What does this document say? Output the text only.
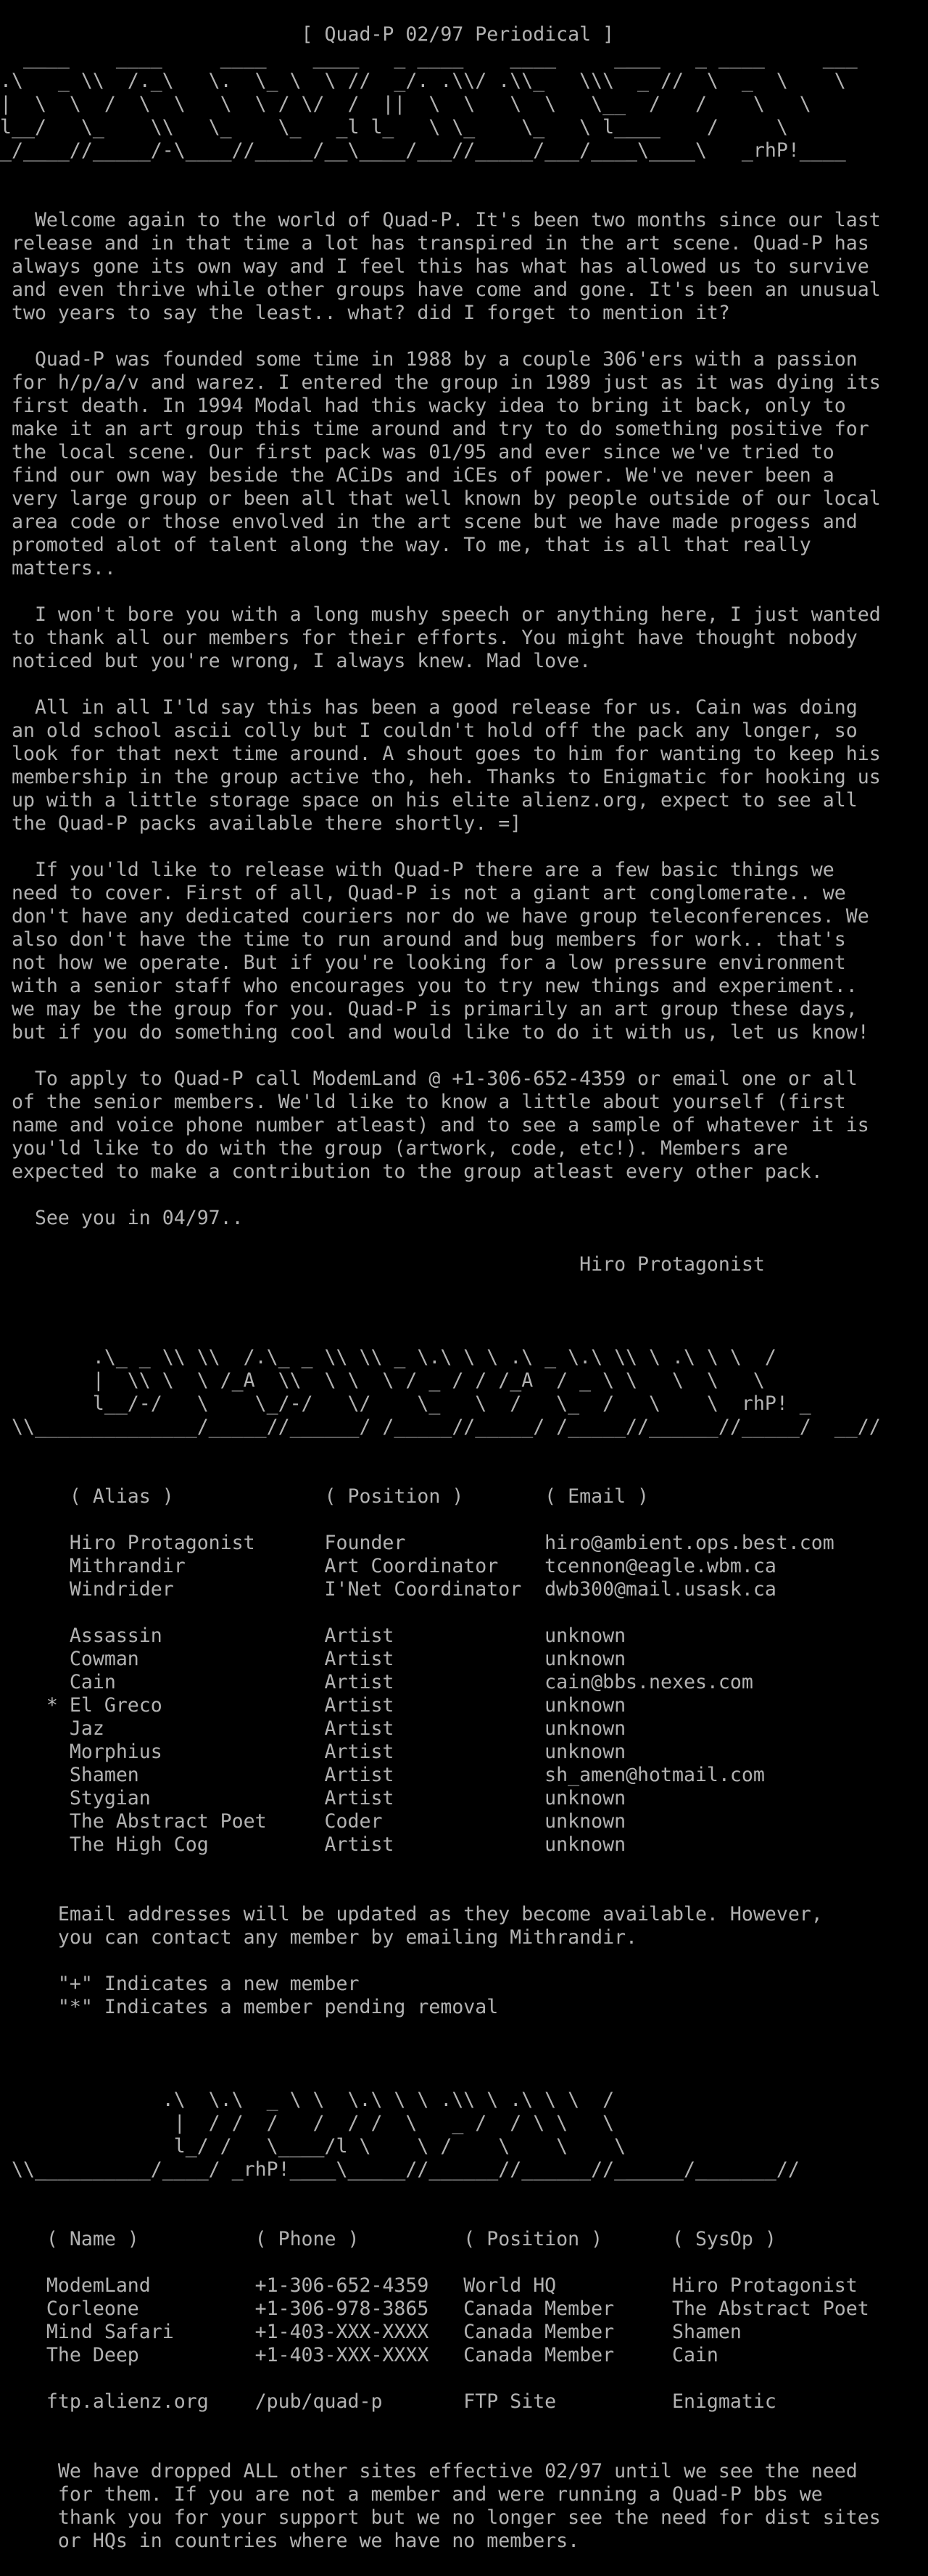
[ Quad-P 02/97 Periodical ]
____    ____     ____    ____   _ ____    ____     ____   _ ____     ___
.\   _ \\  /._\   \.  \_ \  \ //  _/. .\\/ .\\_   \\\  _ //  \  _  \    \
|  \  \  /  \  \   \  \ / \/  /  ||  \  \   \  \   \__  /   /    \   \
l__/   \_    \\   \_    \_   _l l_   \ \_    \_   \ l____    /     \
_/____//_____/-\____//_____/__\____/___//_____/___/____\____\   _rhP!____
Welcome again to the world of Quad-P. It's been two months since our last
release and in that time a lot has transpired in the art scene. Quad-P has
always gone its own way and I feel this has what has allowed us to survive
and even thrive while other groups have come and gone. It's been an unusual
two years to say the least.. what? did I forget to mention it?
Quad-P was founded some time in 1988 by a couple 306'ers with a passion
for h/p/a/v and warez. I entered the group in 1989 just as it was dying its
first death. In 1994 Modal had this wacky idea to bring it back, only to
make it an art group this time around and try to do something positive for
the local scene. Our first pack was 01/95 and ever since we've tried to
find our own way beside the ACiDs and iCEs of power. We've never been a
very large group or been all that well known by people outside of our local
area code or those envolved in the art scene but we have made progess and
promoted alot of talent along the way. To me, that is all that really
matters..
I won't bore you with a long mushy speech or anything here, I just wanted
to thank all our members for their efforts. You might have thought nobody
noticed but you're wrong, I always knew. Mad love.
All in all I'ld say this has been a good release for us. Cain was doing
an old school ascii colly but I couldn't hold off the pack any longer, so
look for that next time around. A shout goes to him for wanting to keep his
membership in the group active tho, heh. Thanks to Enigmatic for hooking us
up with a little storage space on his elite alienz.org, expect to see all
the Quad-P packs available there shortly. =]
If you'ld like to release with Quad-P there are a few basic things we
need to cover. First of all, Quad-P is not a giant art conglomerate.. we
don't have any dedicated couriers nor do we have group teleconferences. We
also don't have the time to run around and bug members for work.. that's
not how we operate. But if you're looking for a low pressure environment
with a senior staff who encourages you to try new things and experiment..
we may be the group for you. Quad-P is primarily an art group these days,
but if you do something cool and would like to do it with us, let us know!
To apply to Quad-P call ModemLand @ +1-306-652-4359 or email one or all
of the senior members. We'ld like to know a little about yourself (first
name and voice phone number atleast) and to see a sample of whatever it is
you'ld like to do with the group (artwork, code, etc!). Members are
expected to make a contribution to the group atleast every other pack.
See you in 04/97..
Hiro Protagonist
.\_ _ \\ \\  /.\_ _ \\ \\ _ \.\ \ \ .\ _ \.\ \\ \ .\ \ \  /
|  \\ \  \ /_A  \\  \ \  \ / _ / / /_A  / _ \ \   \  \   \
l__/-/   \    \_/-/   \/    \_   \  /   \_  /   \    \  rhP! _
\\______________/_____//______/ /_____//_____/ /_____//______//_____/  __//
( Alias )             ( Position )       ( Email )
Hiro Protagonist      Founder            hiro@ambient.ops.best.com
Mithrandir            Art Coordinator    tcennon@eagle.wbm.ca
Windrider             I'Net Coordinator  dwb300@mail.usask.ca
Assassin              Artist             unknown
Cowman                Artist             unknown
Cain                  Artist             cain@bbs.nexes.com
* El Greco              Artist             unknown
Jaz                   Artist             unknown
Morphius              Artist             unknown
Shamen                Artist             sh_amen@hotmail.com
Stygian               Artist             unknown
The Abstract Poet     Coder              unknown
The High Cog          Artist             unknown
Email addresses will be updated as they become available. However,
you can contact any member by emailing Mithrandir.
"+" Indicates a new member
"*" Indicates a member pending removal
.\  \.\  _ \ \  \.\ \ \ .\\ \ .\ \ \  /
|  / /  /   /  / /  \   _ /  / \ \   \
l_/ /   \____/l \    \ /    \    \    \
\\__________/____/ _rhP!____\_____//______//______//______/_______//
( Name )          ( Phone )         ( Position )      ( SysOp )
ModemLand         +1-306-652-4359   World HQ          Hiro Protagonist
Corleone          +1-306-978-3865   Canada Member     The Abstract Poet
Mind Safari       +1-403-XXX-XXXX   Canada Member     Shamen
The Deep          +1-403-XXX-XXXX   Canada Member     Cain
ftp.alienz.org    /pub/quad-p       FTP Site          Enigmatic
We have dropped ALL other sites effective 02/97 until we see the need
for them. If you are not a member and were running a Quad-P bbs we
thank you for your support but we no longer see the need for dist sites
or HQs in countries where we have no members.
